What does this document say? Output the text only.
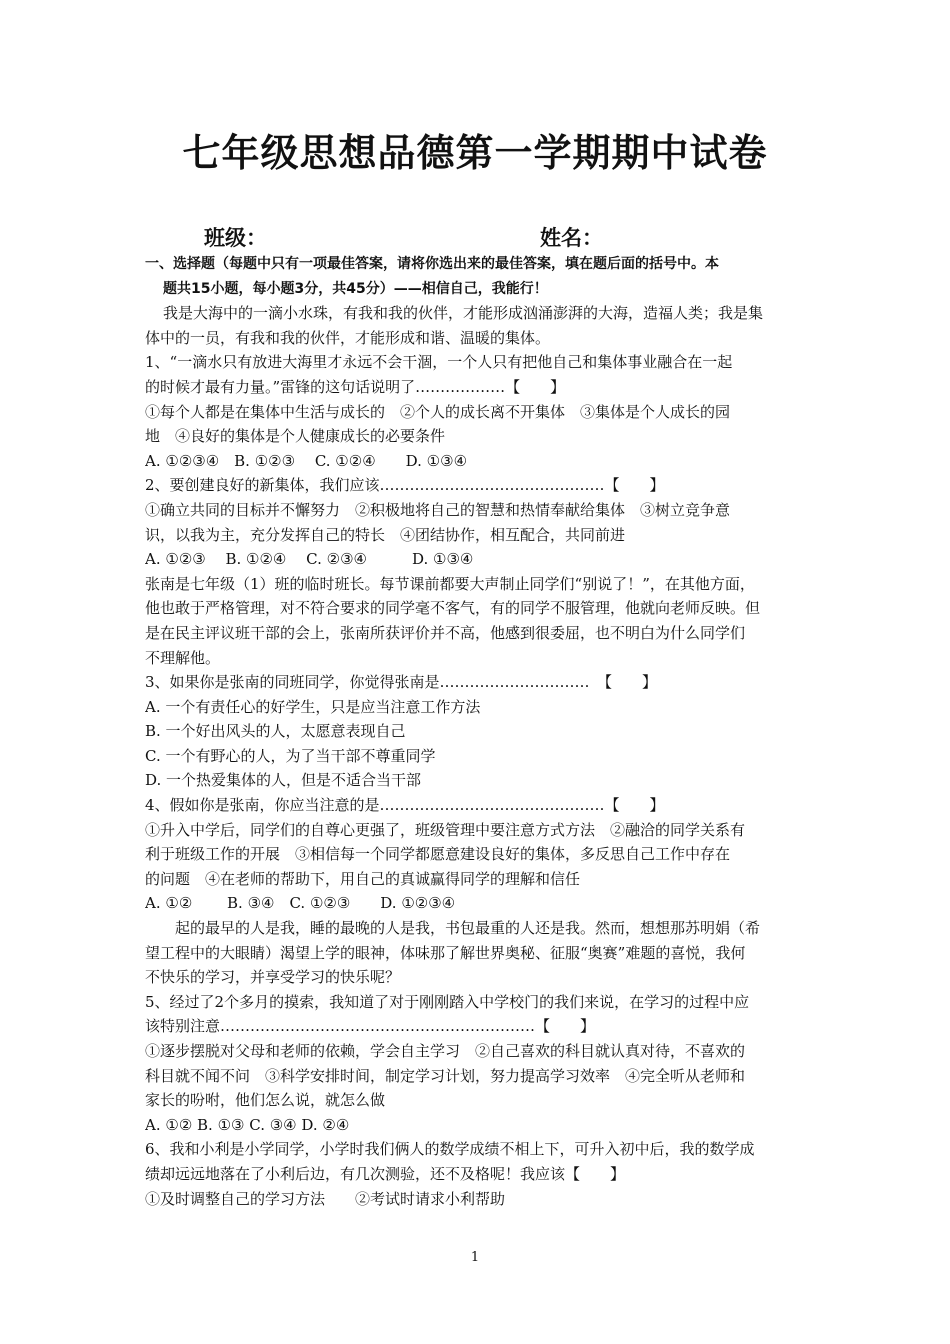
七年级思想品德第一学期期中试卷
班级：	姓名：
一、选择题（每题中只有一项最佳答案，请将你选出来的最佳答案，填在题后面的括号中。本
题共15小题，每小题3分，共45分）——相信自己，我能行！
我是大海中的一滴小水珠，有我和我的伙伴，才能形成汹涌澎湃的大海，造福人类；我是集
体中的一员，有我和我的伙伴，才能形成和谐、温暖的集体。
1、“一滴水只有放进大海里才永远不会干涸，一个人只有把他自己和集体事业融合在一起
的时候才最有力量。”雷锋的这句话说明了………………【　　】
①每个人都是在集体中生活与成长的　②个人的成长离不开集体　③集体是个人成长的园
地　④良好的集体是个人健康成长的必要条件
A. ①②③④　B. ①②③　 C. ①②④　　D. ①③④
2、要创建良好的新集体，我们应该………………………………………【　　】
①确立共同的目标并不懈努力　②积极地将自己的智慧和热情奉献给集体　③树立竞争意
识，以我为主，充分发挥自己的特长　④团结协作，相互配合，共同前进
A. ①②③　 B. ①②④　 C. ②③④　　　D. ①③④
张南是七年级（1）班的临时班长。每节课前都要大声制止同学们“别说了！”，在其他方面，
他也敢于严格管理，对不符合要求的同学毫不客气，有的同学不服管理，他就向老师反映。但
是在民主评议班干部的会上，张南所获评价并不高，他感到很委屈，也不明白为什么同学们
不理解他。
3、如果你是张南的同班同学，你觉得张南是…………………………　【　　】
A. 一个有责任心的好学生，只是应当注意工作方法
B. 一个好出风头的人，太愿意表现自己
C. 一个有野心的人，为了当干部不尊重同学
D. 一个热爱集体的人，但是不适合当干部
4、假如你是张南，你应当注意的是………………………………………【　　】
①升入中学后，同学们的自尊心更强了，班级管理中要注意方式方法　②融洽的同学关系有
利于班级工作的开展　③相信每一个同学都愿意建设良好的集体，多反思自己工作中存在
的问题　④在老师的帮助下，用自己的真诚赢得同学的理解和信任
A. ①②　　 B. ③④　C. ①②③　　D. ①②③④
起的最早的人是我，睡的最晚的人是我，书包最重的人还是我。然而，想想那苏明娟（希
望工程中的大眼睛）渴望上学的眼神，体味那了解世界奥秘、征服“奥赛”难题的喜悦，我何
不快乐的学习，并享受学习的快乐呢？
5、经过了2个多月的摸索，我知道了对于刚刚踏入中学校门的我们来说，在学习的过程中应
该特别注意………………………………………………………【　　】
①逐步摆脱对父母和老师的依赖，学会自主学习　②自己喜欢的科目就认真对待，不喜欢的
科目就不闻不问　③科学安排时间，制定学习计划，努力提高学习效率　④完全听从老师和
家长的吩咐，他们怎么说，就怎么做
A. ①② B. ①③ C. ③④ D. ②④
6、我和小利是小学同学，小学时我们俩人的数学成绩不相上下，可升入初中后，我的数学成
绩却远远地落在了小利后边，有几次测验，还不及格呢！我应该【　　】
①及时调整自己的学习方法　　②考试时请求小利帮助
1
